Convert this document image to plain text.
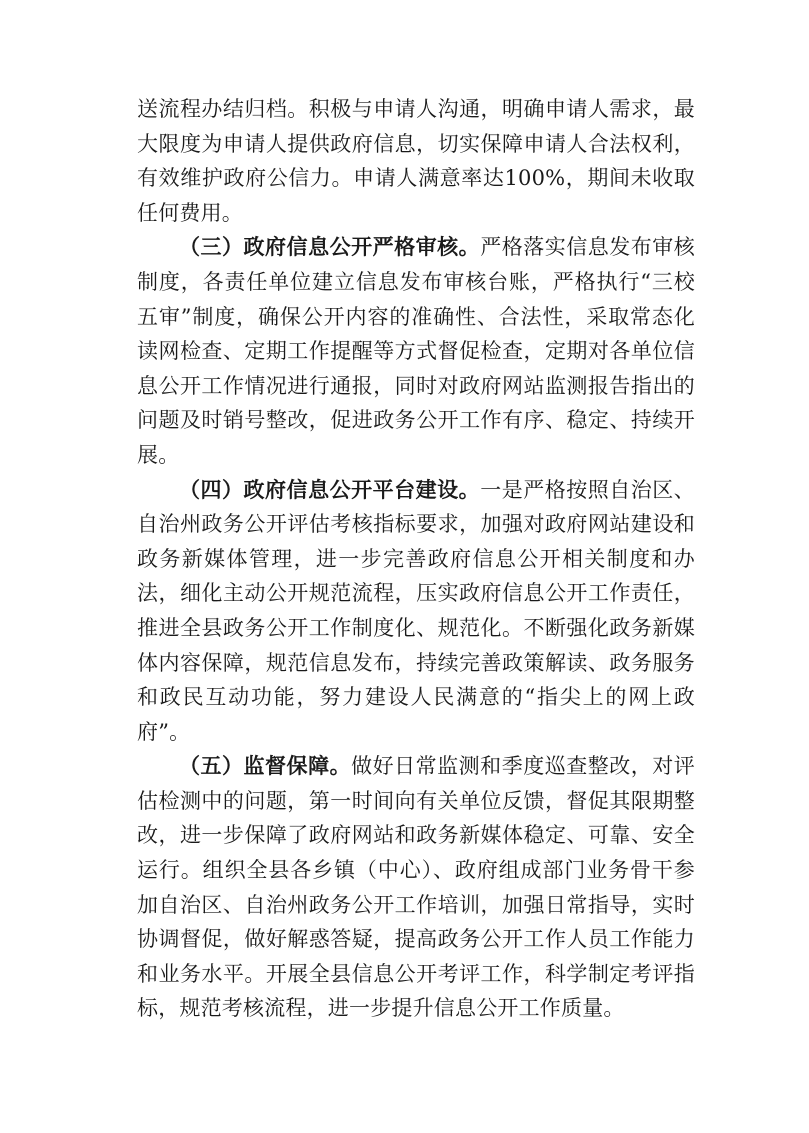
送流程办结归档。积极与申请人沟通，明确申请人需求，最大限度为申请人提供政府信息，切实保障申请人合法权利，有效维护政府公信力。申请人满意率达100%，期间未收取任何费用。

（三）政府信息公开严格审核。严格落实信息发布审核制度，各责任单位建立信息发布审核台账，严格执行“三校五审”制度，确保公开内容的准确性、合法性，采取常态化读网检查、定期工作提醒等方式督促检查，定期对各单位信息公开工作情况进行通报，同时对政府网站监测报告指出的问题及时销号整改，促进政务公开工作有序、稳定、持续开展。

（四）政府信息公开平台建设。一是严格按照自治区、自治州政务公开评估考核指标要求，加强对政府网站建设和政务新媒体管理，进一步完善政府信息公开相关制度和办法，细化主动公开规范流程，压实政府信息公开工作责任，推进全县政务公开工作制度化、规范化。不断强化政务新媒体内容保障，规范信息发布，持续完善政策解读、政务服务和政民互动功能，努力建设人民满意的“指尖上的网上政府”。

（五）监督保障。做好日常监测和季度巡查整改，对评估检测中的问题，第一时间向有关单位反馈，督促其限期整改，进一步保障了政府网站和政务新媒体稳定、可靠、安全运行。组织全县各乡镇（中心）、政府组成部门业务骨干参加自治区、自治州政务公开工作培训，加强日常指导，实时协调督促，做好解惑答疑，提高政务公开工作人员工作能力和业务水平。开展全县信息公开考评工作，科学制定考评指标，规范考核流程，进一步提升信息公开工作质量。
